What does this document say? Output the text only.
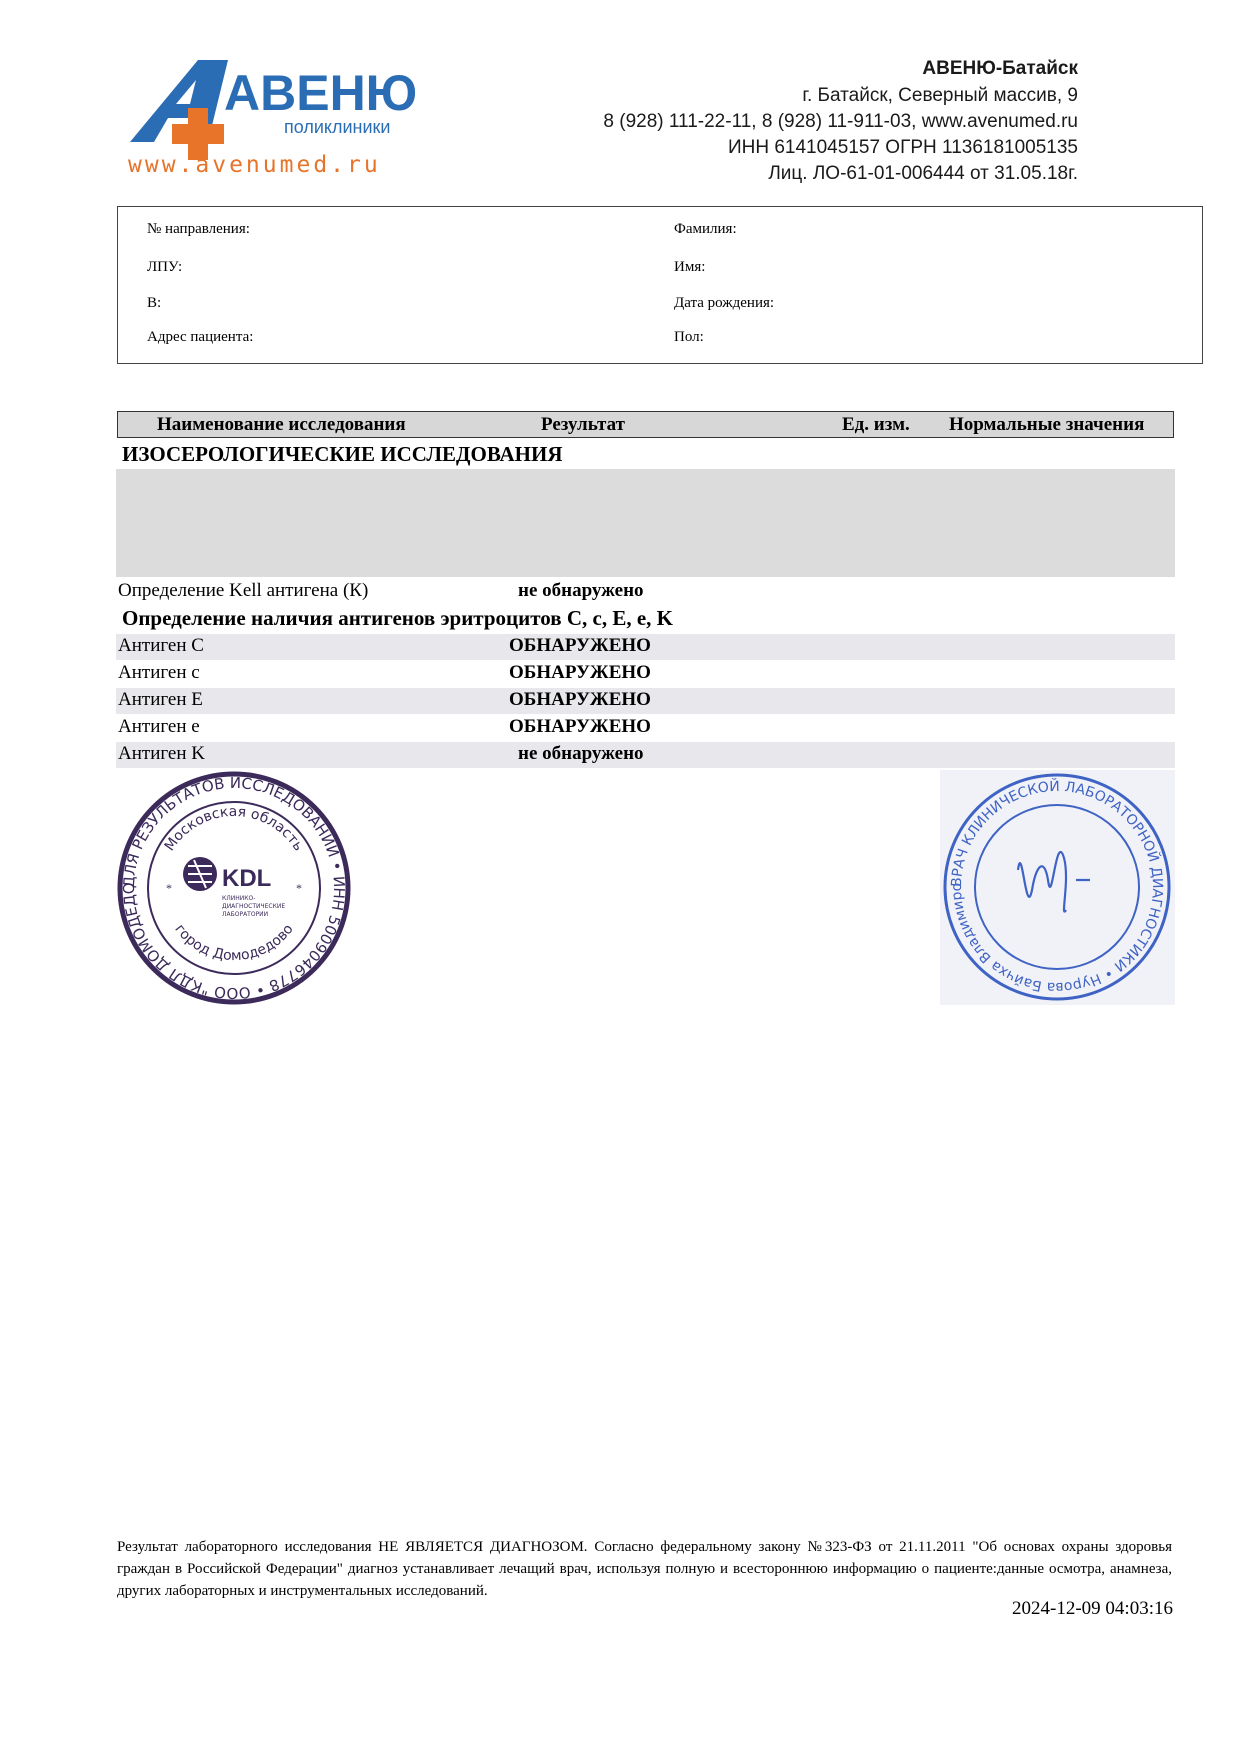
АВЕНЮ
поликлиники
www.avenumed.ru
АВЕНЮ-Батайск
г. Батайск, Северный массив, 9
8 (928) 111-22-11, 8 (928) 11-911-03, www.avenumed.ru
ИНН 6141045157 ОГРН 1136181005135
Лиц. ЛО-61-01-006444 от 31.05.18г.
№ направления:
ЛПУ:
В:
Адрес пациента:
Фамилия:
Имя:
Дата рождения:
Пол:
Наименование исследования	Результат	Ед. изм. Нормальные значения
ИЗОСЕРОЛОГИЧЕСКИЕ ИССЛЕДОВАНИЯ
Определение Kell антигена (К)	не обнаружено
Определение наличия антигенов эритроцитов C, c, E, e, K
Антиген C	ОБНАРУЖЕНО
Антиген c	ОБНАРУЖЕНО
Антиген E	ОБНАРУЖЕНО
Антиген e	ОБНАРУЖЕНО
Антиген K	не обнаружено
ДЛЯ РЕЗУЛЬТАТОВ ИССЛЕДОВАНИЙ • ИНН 5009046778 • ООО "КДЛ ДОМОДЕДО
Московская область
город Домодедово
KDL
КЛИНИКО-
ДИАГНОСТИЧЕСКИЕ
ЛАБОРАТОРИИ
*	*	ВРАЧ КЛИНИЧЕСКОЙ ЛАБОРАТОРНОЙ ДИАГНОСТИКИ • Нурова Байчха Владимиро
Результат лабораторного исследования НЕ ЯВЛЯЕТСЯ ДИАГНОЗОМ. Согласно федеральному закону №323-ФЗ от 21.11.2011 "Об основах охраны здоровья граждан в Российской Федерации" диагноз устанавливает лечащий врач, используя полную и всестороннюю информацию о пациенте:данные осмотра, анамнеза, других лабораторных и инструментальных исследований.
2024-12-09 04:03:16
